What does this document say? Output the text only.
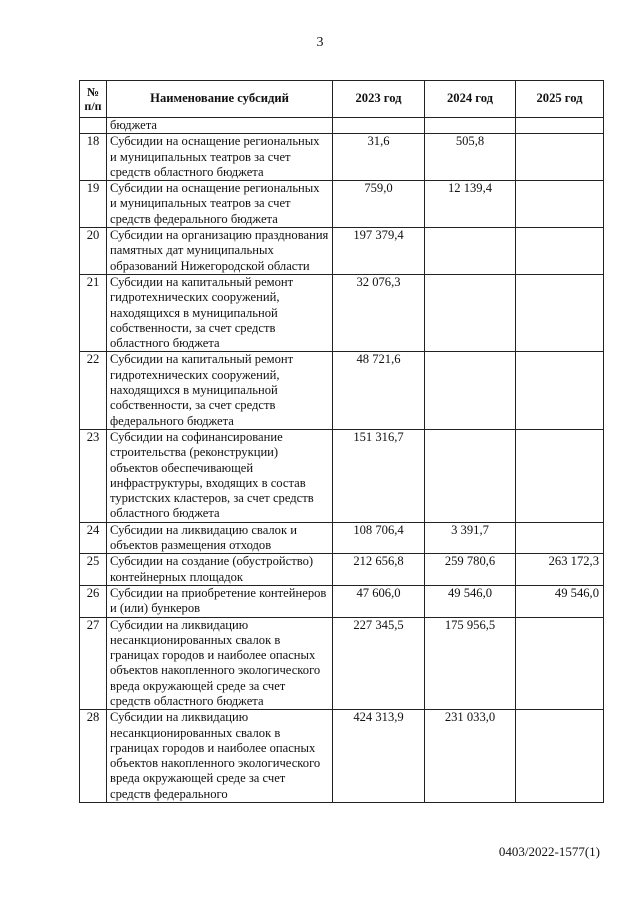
3
№
п/п	Наименование субсидий	2023 год	2024 год	2025 год
	бюджета			
18	Субсидии на оснащение региональных и муниципальных театров за счет средств областного бюджета	31,6	505,8	
19	Субсидии на оснащение региональных и муниципальных театров за счет средств федерального бюджета	759,0	12 139,4	
20	Субсидии на организацию празднования памятных дат муниципальных образований Нижегородской области	197 379,4		
21	Субсидии на капитальный ремонт гидротехнических сооружений, находящихся в муниципальной собственности, за счет средств областного бюджета	32 076,3		
22	Субсидии на капитальный ремонт гидротехнических сооружений, находящихся в муниципальной собственности, за счет средств федерального бюджета	48 721,6		
23	Субсидии на софинансирование строительства (реконструкции) объектов обеспечивающей инфраструктуры, входящих в состав туристских кластеров, за счет средств областного бюджета	151 316,7		
24	Субсидии на ликвидацию свалок и объектов размещения отходов	108 706,4	3 391,7	
25	Субсидии на создание (обустройство) контейнерных площадок	212 656,8	259 780,6	263 172,3
26	Субсидии на приобретение контейнеров и (или) бункеров	47 606,0	49 546,0	49 546,0
27	Субсидии на ликвидацию несанкционированных свалок в границах городов и наиболее опасных объектов накопленного экологического вреда окружающей среде за счет средств областного бюджета	227 345,5	175 956,5	
28	Субсидии на ликвидацию несанкционированных свалок в границах городов и наиболее опасных объектов накопленного экологического вреда окружающей среде за счет средств федерального	424 313,9	231 033,0	
0403/2022-1577(1)
